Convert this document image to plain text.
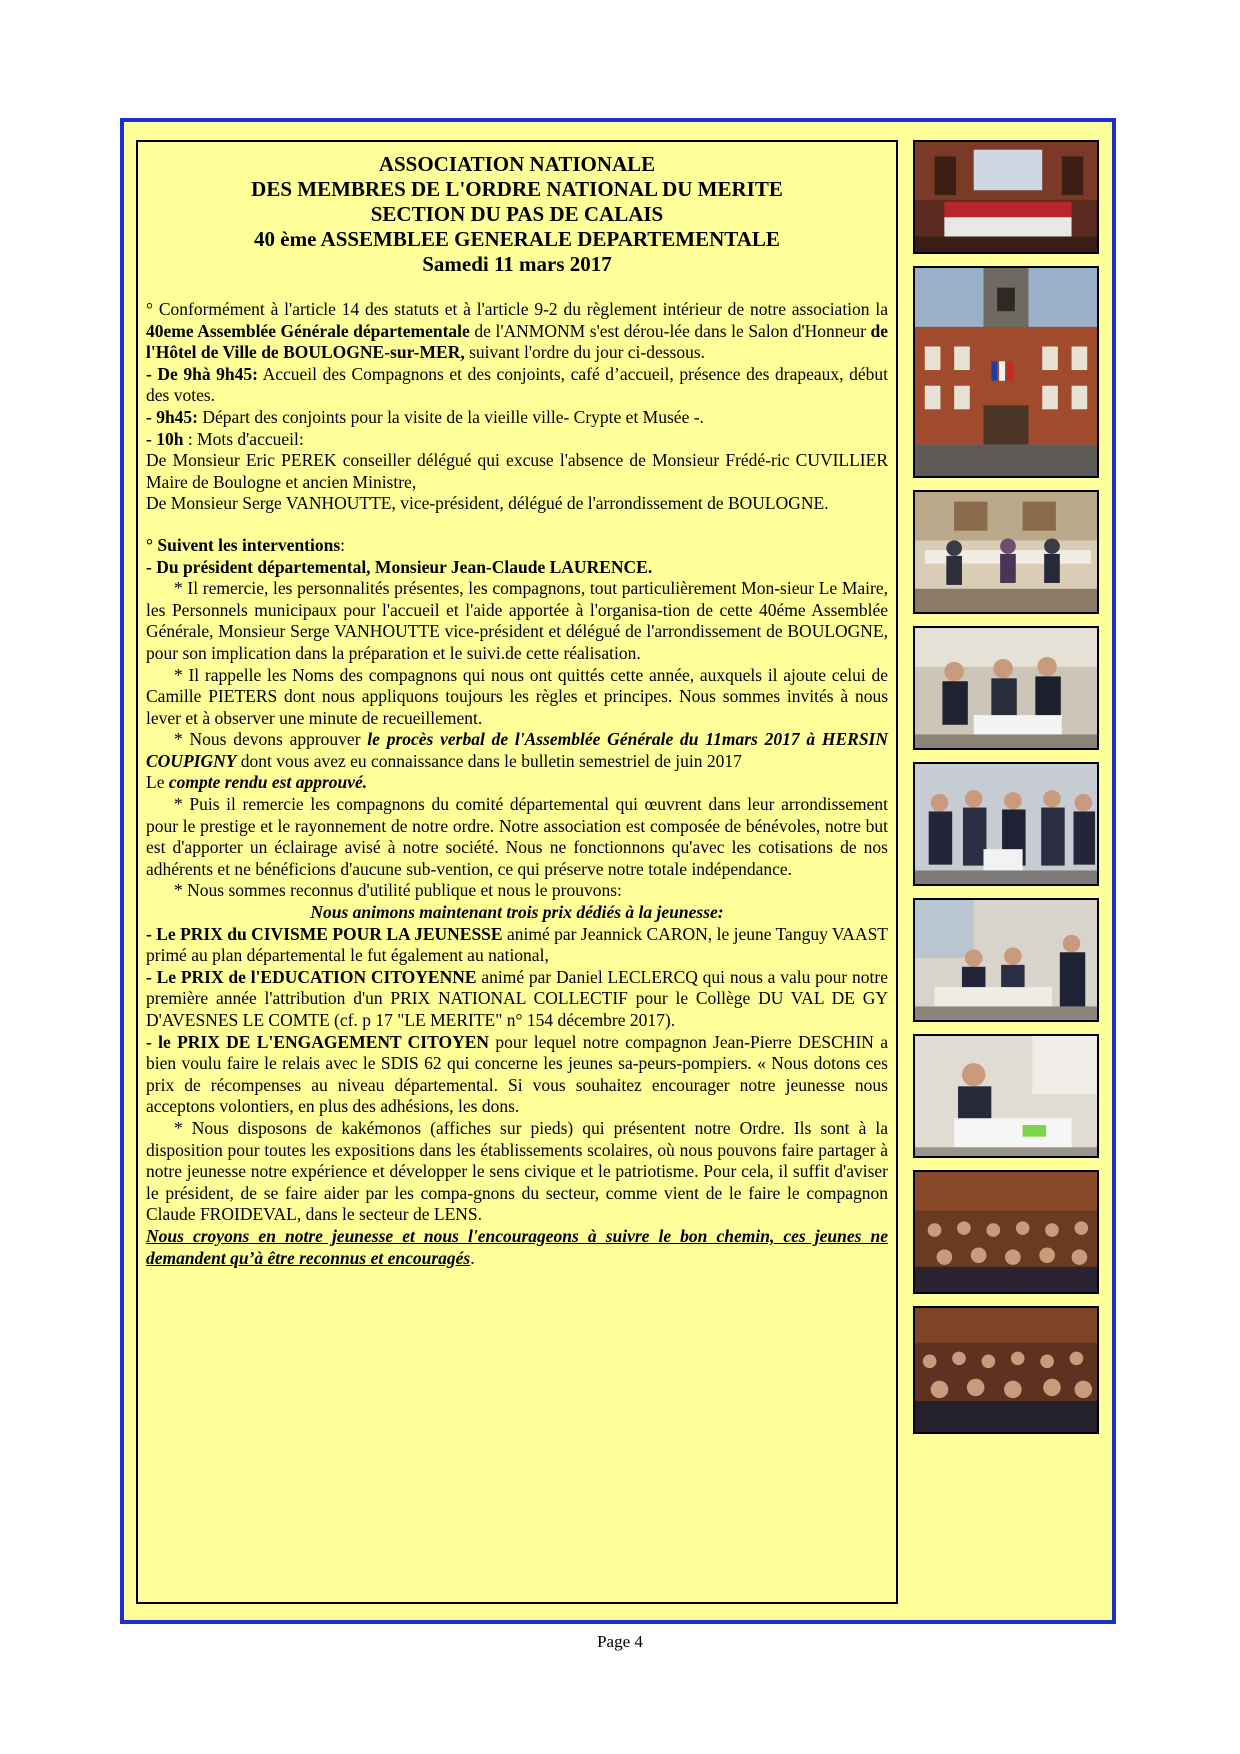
ASSOCIATION NATIONALE
DES MEMBRES DE L'ORDRE NATIONAL DU MERITE
SECTION DU PAS DE CALAIS
40 ème ASSEMBLEE GENERALE DEPARTEMENTALE
Samedi 11 mars 2017

° Conformément à l'article 14 des statuts et à l'article 9-2 du règlement intérieur de notre association la 40eme Assemblée Générale départementale de l'ANMONM s'est dérou-lée dans le Salon d'Honneur de l'Hôtel de Ville de BOULOGNE-sur-MER, suivant l'ordre du jour ci-dessous.

- De 9hà 9h45: Accueil des Compagnons et des conjoints, café d’accueil, présence des drapeaux, début des votes.

- 9h45: Départ des conjoints pour la visite de la vieille ville- Crypte et Musée -.

- 10h : Mots d'accueil:

De Monsieur Eric PEREK conseiller délégué qui excuse l'absence de Monsieur Frédé-ric CUVILLIER Maire de Boulogne et ancien Ministre,

De Monsieur Serge VANHOUTTE, vice-président, délégué de l'arrondissement de BOULOGNE.

° Suivent les interventions:

- Du président départemental, Monsieur Jean-Claude LAURENCE.

* Il remercie, les personnalités présentes, les compagnons, tout particulièrement Mon-sieur Le Maire, les Personnels municipaux pour l'accueil et l'aide apportée à l'organisa-tion de cette 40éme Assemblée Générale, Monsieur Serge VANHOUTTE vice-président et délégué de l'arrondissement de BOULOGNE, pour son implication dans la préparation et le suivi.de cette réalisation.

* Il rappelle les Noms des compagnons qui nous ont quittés cette année, auxquels il ajoute celui de Camille PIETERS dont nous appliquons toujours les règles et principes. Nous sommes invités à nous lever et à observer une minute de recueillement.

* Nous devons approuver le procès verbal de l'Assemblée Générale du 11mars 2017 à HERSIN COUPIGNY dont vous avez eu connaissance dans le bulletin semestriel de juin 2017

Le compte rendu est approuvé.

* Puis il remercie les compagnons du comité départemental qui œuvrent dans leur arrondissement pour le prestige et le rayonnement de notre ordre. Notre association est composée de bénévoles, notre but est d'apporter un éclairage avisé à notre société. Nous ne fonctionnons qu'avec les cotisations de nos adhérents et ne bénéficions d'aucune sub-vention, ce qui préserve notre totale indépendance.

* Nous sommes reconnus d'utilité publique et nous le prouvons:

Nous animons maintenant trois prix dédiés à la jeunesse:

- Le PRIX du CIVISME POUR LA JEUNESSE animé par Jeannick CARON, le jeune Tanguy VAAST primé au plan départemental le fut également au national,

- Le PRIX de l'EDUCATION CITOYENNE animé par Daniel LECLERCQ qui nous a valu pour notre première année l'attribution d'un PRIX NATIONAL COLLECTIF pour le Collège DU VAL DE GY D'AVESNES LE COMTE (cf. p 17 "LE MERITE" n° 154 décembre 2017).

- le PRIX DE L'ENGAGEMENT CITOYEN pour lequel notre compagnon Jean-Pierre DESCHIN a bien voulu faire le relais avec le SDIS 62 qui concerne les jeunes sa-peurs-pompiers. « Nous dotons ces prix de récompenses au niveau départemental. Si vous souhaitez encourager notre jeunesse nous acceptons volontiers, en plus des adhésions, les dons.

* Nous disposons de kakémonos (affiches sur pieds) qui présentent notre Ordre. Ils sont à la disposition pour toutes les expositions dans les établissements scolaires, où nous pouvons faire partager à notre jeunesse notre expérience et développer le sens civique et le patriotisme. Pour cela, il suffit d'aviser le président, de se faire aider par les compa-gnons du secteur, comme vient de le faire le compagnon Claude FROIDEVAL, dans le secteur de LENS.

Nous croyons en notre jeunesse et nous l'encourageons à suivre le bon chemin, ces jeunes ne demandent qu’à être reconnus et encouragés.

Page 4
